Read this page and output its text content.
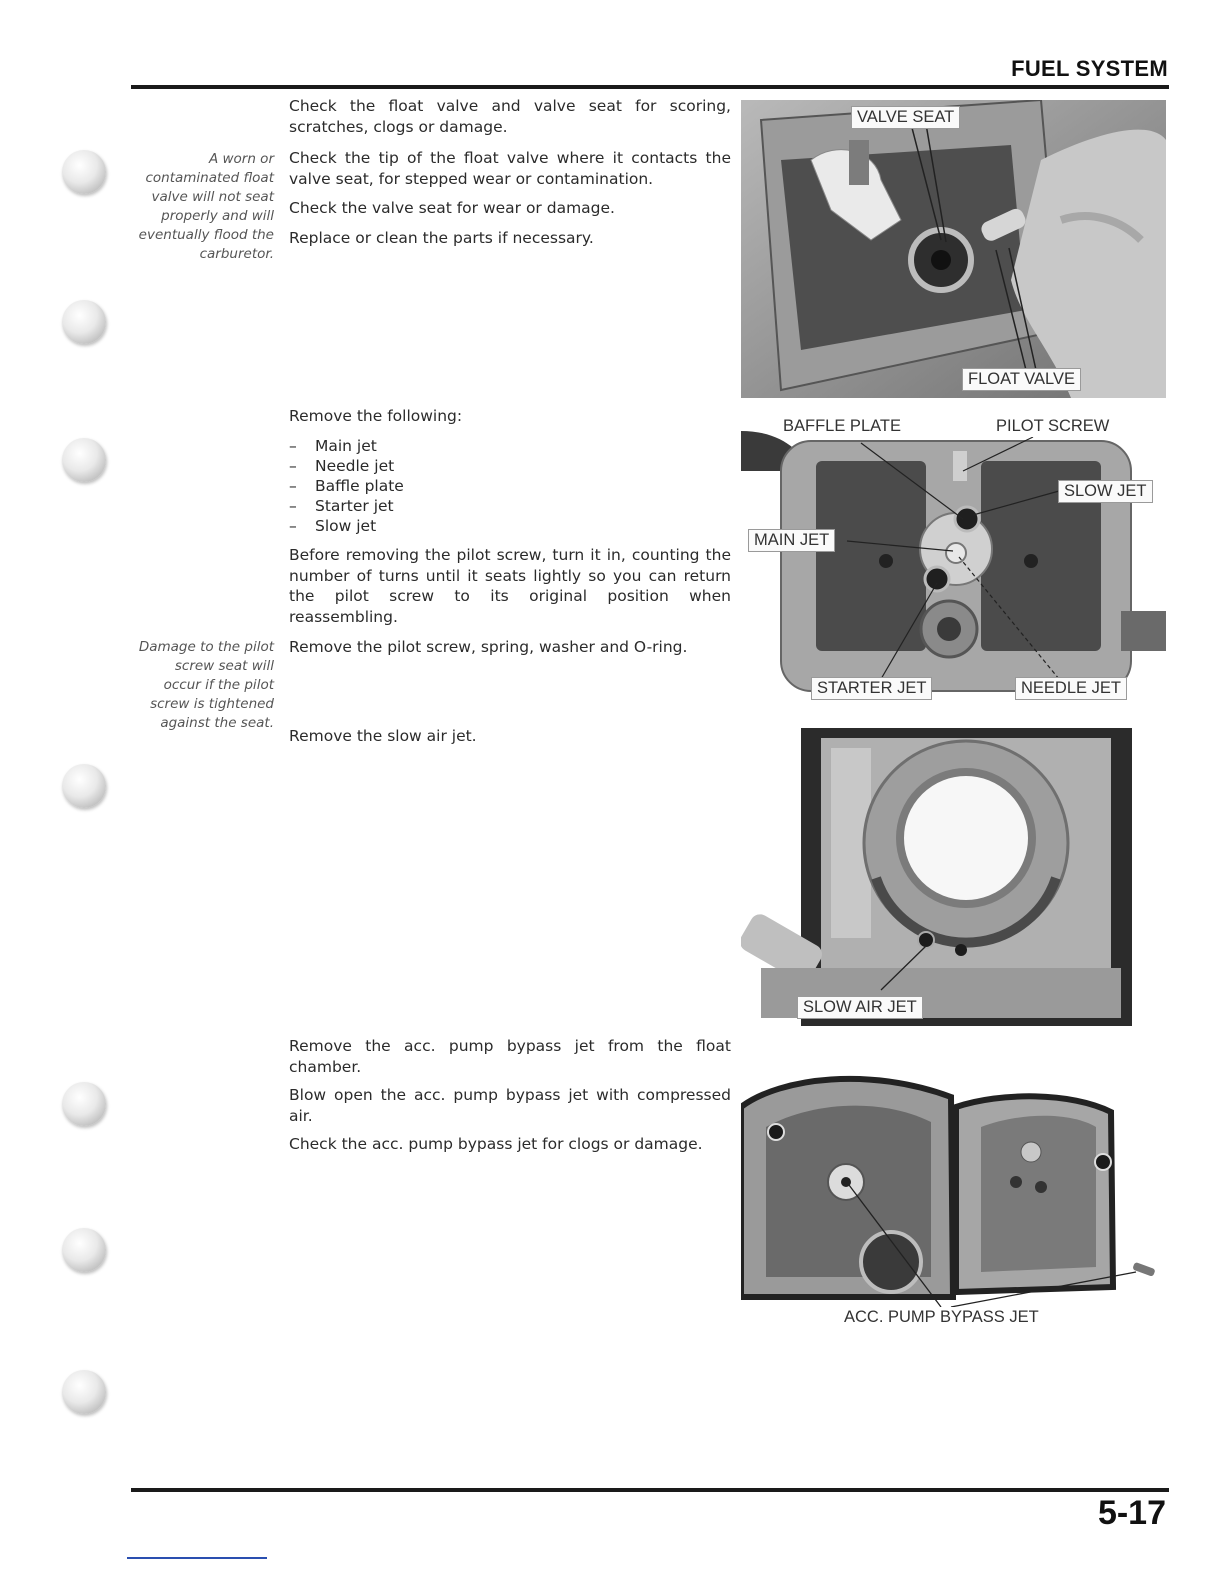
FUEL SYSTEM
A worn or
contaminated float
valve will not seat
properly and will
eventually flood the
carburetor.
Damage to the pilot
screw seat will
occur if the pilot
screw is tightened
against the seat.

Check the float valve and valve seat for scoring, scratches, clogs or damage.

Check the tip of the float valve where it contacts the valve seat, for stepped wear or contamination.

Check the valve seat for wear or damage.

Replace or clean the parts if necessary.

Remove the following:

– Main jet
– Needle jet
– Baffle plate
– Starter jet
– Slow jet

Before removing the pilot screw, turn it in, counting the number of turns until it seats lightly so you can return the pilot screw to its original position when reassembling.

Remove the pilot screw, spring, washer and O-ring.

Remove the slow air jet.

Remove the acc. pump bypass jet from the float chamber.

Blow open the acc. pump bypass jet with compressed air.

Check the acc. pump bypass jet for clogs or damage.

VALVE SEAT
FLOAT VALVE
BAFFLE PLATE	PILOT SCREW
SLOW JET
MAIN JET
STARTER JET	NEEDLE JET
SLOW AIR JET
ACC. PUMP BYPASS JET
5-17
